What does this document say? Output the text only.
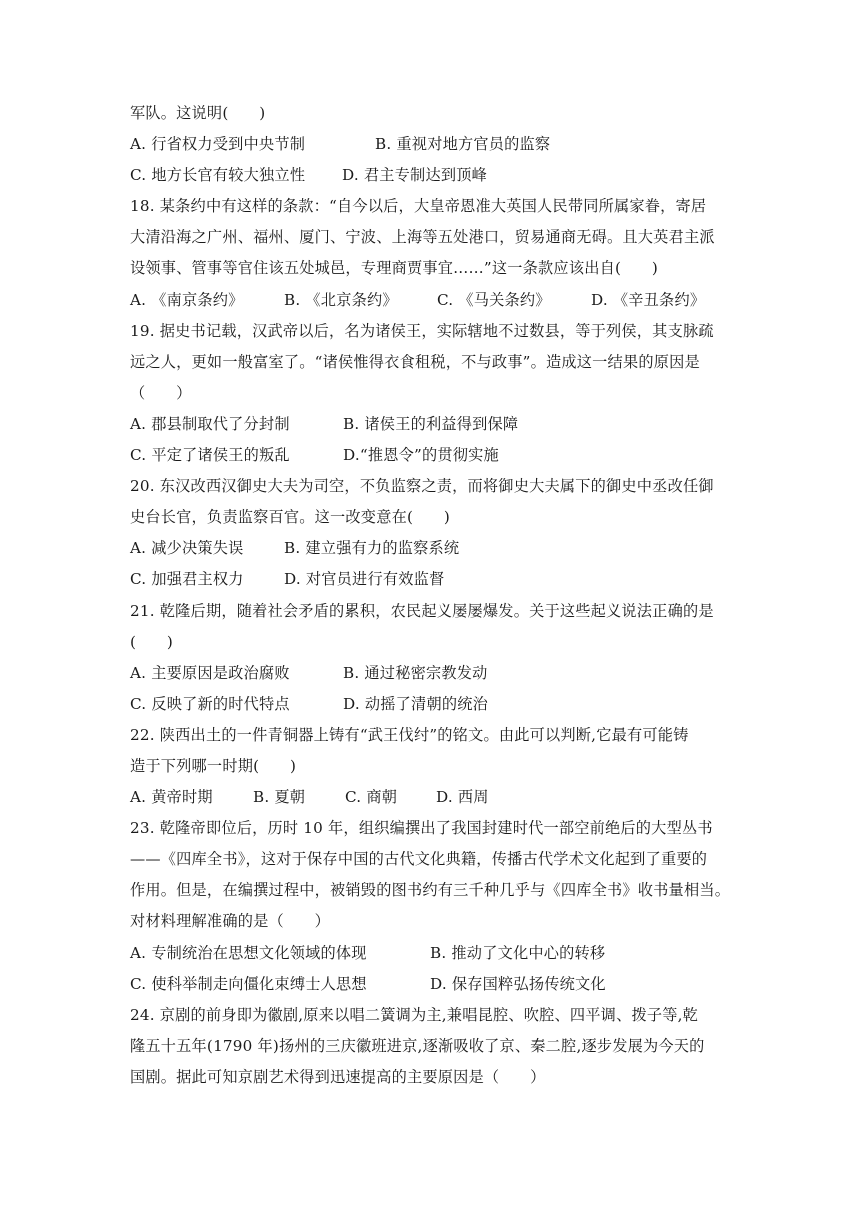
军队。这说明(　　)
A. 行省权力受到中央节制	B. 重视对地方官员的监察
C. 地方长官有较大独立性	D. 君主专制达到顶峰
18. 某条约中有这样的条款：“自今以后，大皇帝恩准大英国人民带同所属家眷，寄居
大清沿海之广州、福州、厦门、宁波、上海等五处港口，贸易通商无碍。且大英君主派
设领事、管事等官住该五处城邑，专理商贾事宜……”这一条款应该出自(　　)
A. 《南京条约》	B. 《北京条约》	C. 《马关条约》	D. 《辛丑条约》
19. 据史书记载，汉武帝以后，名为诸侯王，实际辖地不过数县，等于列侯，其支脉疏
远之人，更如一般富室了。“诸侯惟得衣食租税，不与政事”。造成这一结果的原因是
（　　）
A. 郡县制取代了分封制	B. 诸侯王的利益得到保障
C. 平定了诸侯王的叛乱	D.“推恩令”的贯彻实施
20. 东汉改西汉御史大夫为司空，不负监察之责，而将御史大夫属下的御史中丞改任御
史台长官，负责监察百官。这一改变意在(　　)
A. 减少决策失误	B. 建立强有力的监察系统
C. 加强君主权力	D. 对官员进行有效监督
21. 乾隆后期，随着社会矛盾的累积，农民起义屡屡爆发。关于这些起义说法正确的是
(　　)
A. 主要原因是政治腐败	B. 通过秘密宗教发动
C. 反映了新的时代特点	D. 动摇了清朝的统治
22. 陕西出土的一件青铜器上铸有“武王伐纣”的铭文。由此可以判断,它最有可能铸
造于下列哪一时期(　　)
A. 黄帝时期	B. 夏朝	C. 商朝	D. 西周
23. 乾隆帝即位后，历时 10 年，组织编撰出了我国封建时代一部空前绝后的大型丛书
——《四库全书》，这对于保存中国的古代文化典籍，传播古代学术文化起到了重要的
作用。但是，在编撰过程中，被销毁的图书约有三千种几乎与《四库全书》收书量相当。
对材料理解准确的是（　　）
A. 专制统治在思想文化领域的体现	B. 推动了文化中心的转移
C. 使科举制走向僵化束缚士人思想	D. 保存国粹弘扬传统文化
24. 京剧的前身即为徽剧,原来以唱二簧调为主,兼唱昆腔、吹腔、四平调、拨子等,乾
隆五十五年(1790 年)扬州的三庆徽班进京,逐渐吸收了京、秦二腔,逐步发展为今天的
国剧。据此可知京剧艺术得到迅速提高的主要原因是（　　）
